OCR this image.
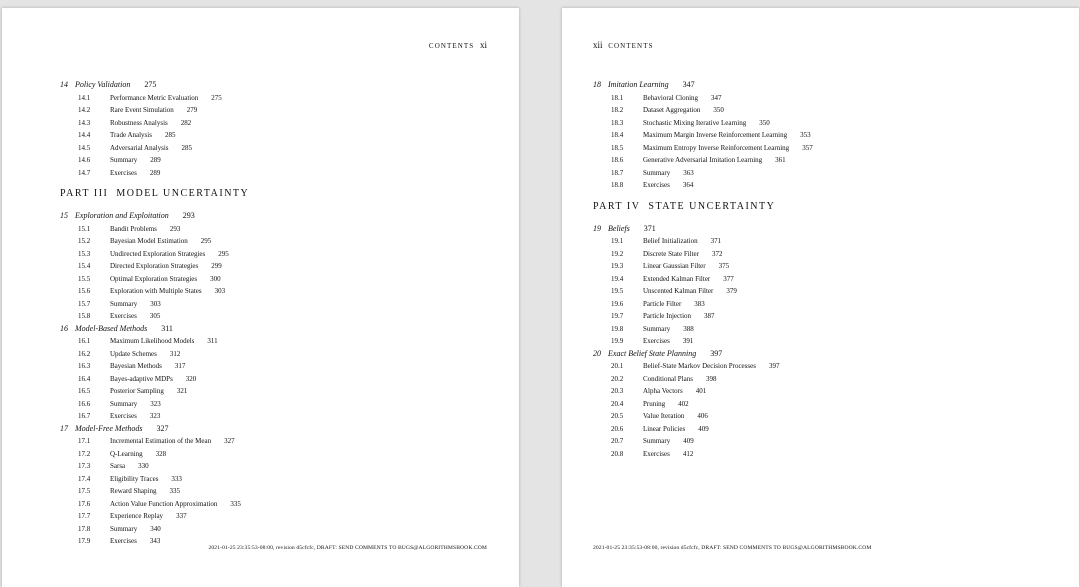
CONTENTS xi
14 Policy Validation 275
14.1	Performance Metric Evaluation 275
14.2	Rare Event Simulation 279
14.3	Robustness Analysis 282
14.4	Trade Analysis 285
14.5	Adversarial Analysis 285
14.6	Summary 289
14.7	Exercises 289
PART III MODEL UNCERTAINTY
15 Exploration and Exploitation 293
15.1	Bandit Problems 293
15.2	Bayesian Model Estimation 295
15.3	Undirected Exploration Strategies 295
15.4	Directed Exploration Strategies 299
15.5	Optimal Exploration Strategies 300
15.6	Exploration with Multiple States 303
15.7	Summary 303
15.8	Exercises 305
16 Model-Based Methods 311
16.1	Maximum Likelihood Models 311
16.2	Update Schemes 312
16.3	Bayesian Methods 317
16.4	Bayes-adaptive MDPs 320
16.5	Posterior Sampling 321
16.6	Summary 323
16.7	Exercises 323
17 Model-Free Methods 327
17.1	Incremental Estimation of the Mean 327
17.2	Q-Learning 328
17.3	Sarsa 330
17.4	Eligibility Traces 333
17.5	Reward Shaping 335
17.6	Action Value Function Approximation 335
17.7	Experience Replay 337
17.8	Summary 340
17.9	Exercises 343
2021-01-25 23:35:53-08:00, revision d5cfcfc, DRAFT: SEND COMMENTS TO BUGS@ALGORITHMSBOOK.COM
xii CONTENTS
18 Imitation Learning 347
18.1	Behavioral Cloning 347
18.2	Dataset Aggregation 350
18.3	Stochastic Mixing Iterative Learning 350
18.4	Maximum Margin Inverse Reinforcement Learning 353
18.5	Maximum Entropy Inverse Reinforcement Learning 357
18.6	Generative Adversarial Imitation Learning 361
18.7	Summary 363
18.8	Exercises 364
PART IV STATE UNCERTAINTY
19 Beliefs 371
19.1	Belief Initialization 371
19.2	Discrete State Filter 372
19.3	Linear Gaussian Filter 375
19.4	Extended Kalman Filter 377
19.5	Unscented Kalman Filter 379
19.6	Particle Filter 383
19.7	Particle Injection 387
19.8	Summary 388
19.9	Exercises 391
20 Exact Belief State Planning 397
20.1	Belief-State Markov Decision Processes 397
20.2	Conditional Plans 398
20.3	Alpha Vectors 401
20.4	Pruning 402
20.5	Value Iteration 406
20.6	Linear Policies 409
20.7	Summary 409
20.8	Exercises 412
2021-01-25 23:35:53-08:00, revision d5cfcfc, DRAFT: SEND COMMENTS TO BUGS@ALGORITHMSBOOK.COM
